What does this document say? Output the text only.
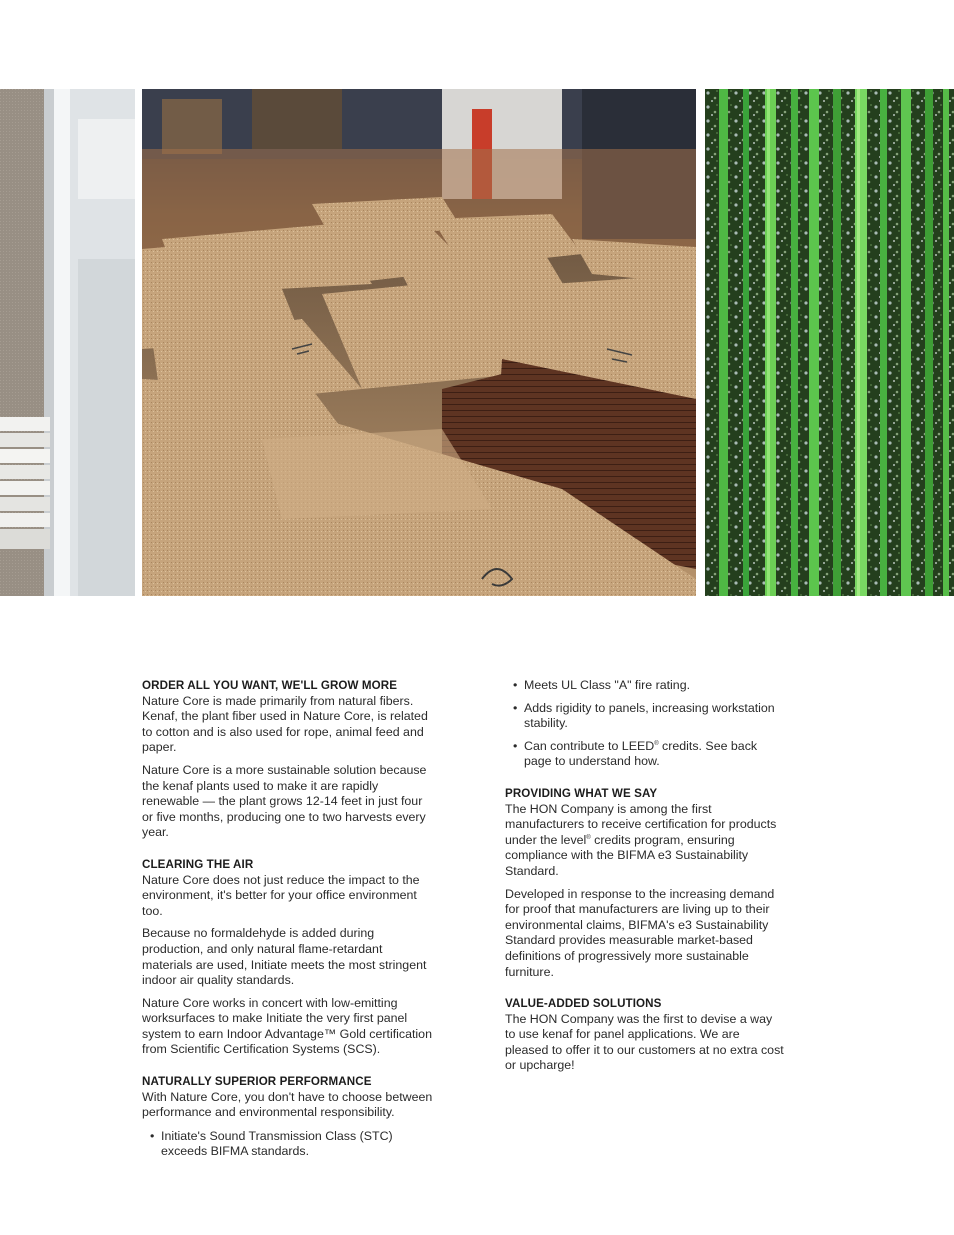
ORDER ALL YOU WANT, WE'LL GROW MORE

Nature Core is made primarily from natural fibers. Kenaf, the plant fiber used in Nature Core, is related to cotton and is also used for rope, animal feed and paper.

Nature Core is a more sustainable solution because the kenaf plants used to make it are rapidly renewable — the plant grows 12-14 feet in just four or five months, producing one to two harvests every year.

CLEARING THE AIR

Nature Core does not just reduce the impact to the environment, it's better for your office environment too.

Because no formaldehyde is added during production, and only natural flame-retardant materials are used, Initiate meets the most stringent indoor air quality standards.

Nature Core works in concert with low-emitting worksurfaces to make Initiate the very first panel system to earn Indoor Advantage™ Gold certification from Scientific Certification Systems (SCS).

NATURALLY SUPERIOR PERFORMANCE

With Nature Core, you don't have to choose between performance and environmental responsibility.

• Initiate's Sound Transmission Class (STC) exceeds BIFMA standards.
• Meets UL Class "A" fire rating.
• Adds rigidity to panels, increasing workstation stability.
• Can contribute to LEED® credits. See back page to understand how.
PROVIDING WHAT WE SAY

The HON Company is among the first manufacturers to receive certification for products under the level® credits program, ensuring compliance with the BIFMA e3 Sustainability Standard.

Developed in response to the increasing demand for proof that manufacturers are living up to their environmental claims, BIFMA's e3 Sustainability Standard provides measurable market-based definitions of progressively more sustainable furniture.

VALUE-ADDED SOLUTIONS

The HON Company was the first to devise a way to use kenaf for panel applications. We are pleased to offer it to our customers at no extra cost or upcharge!
